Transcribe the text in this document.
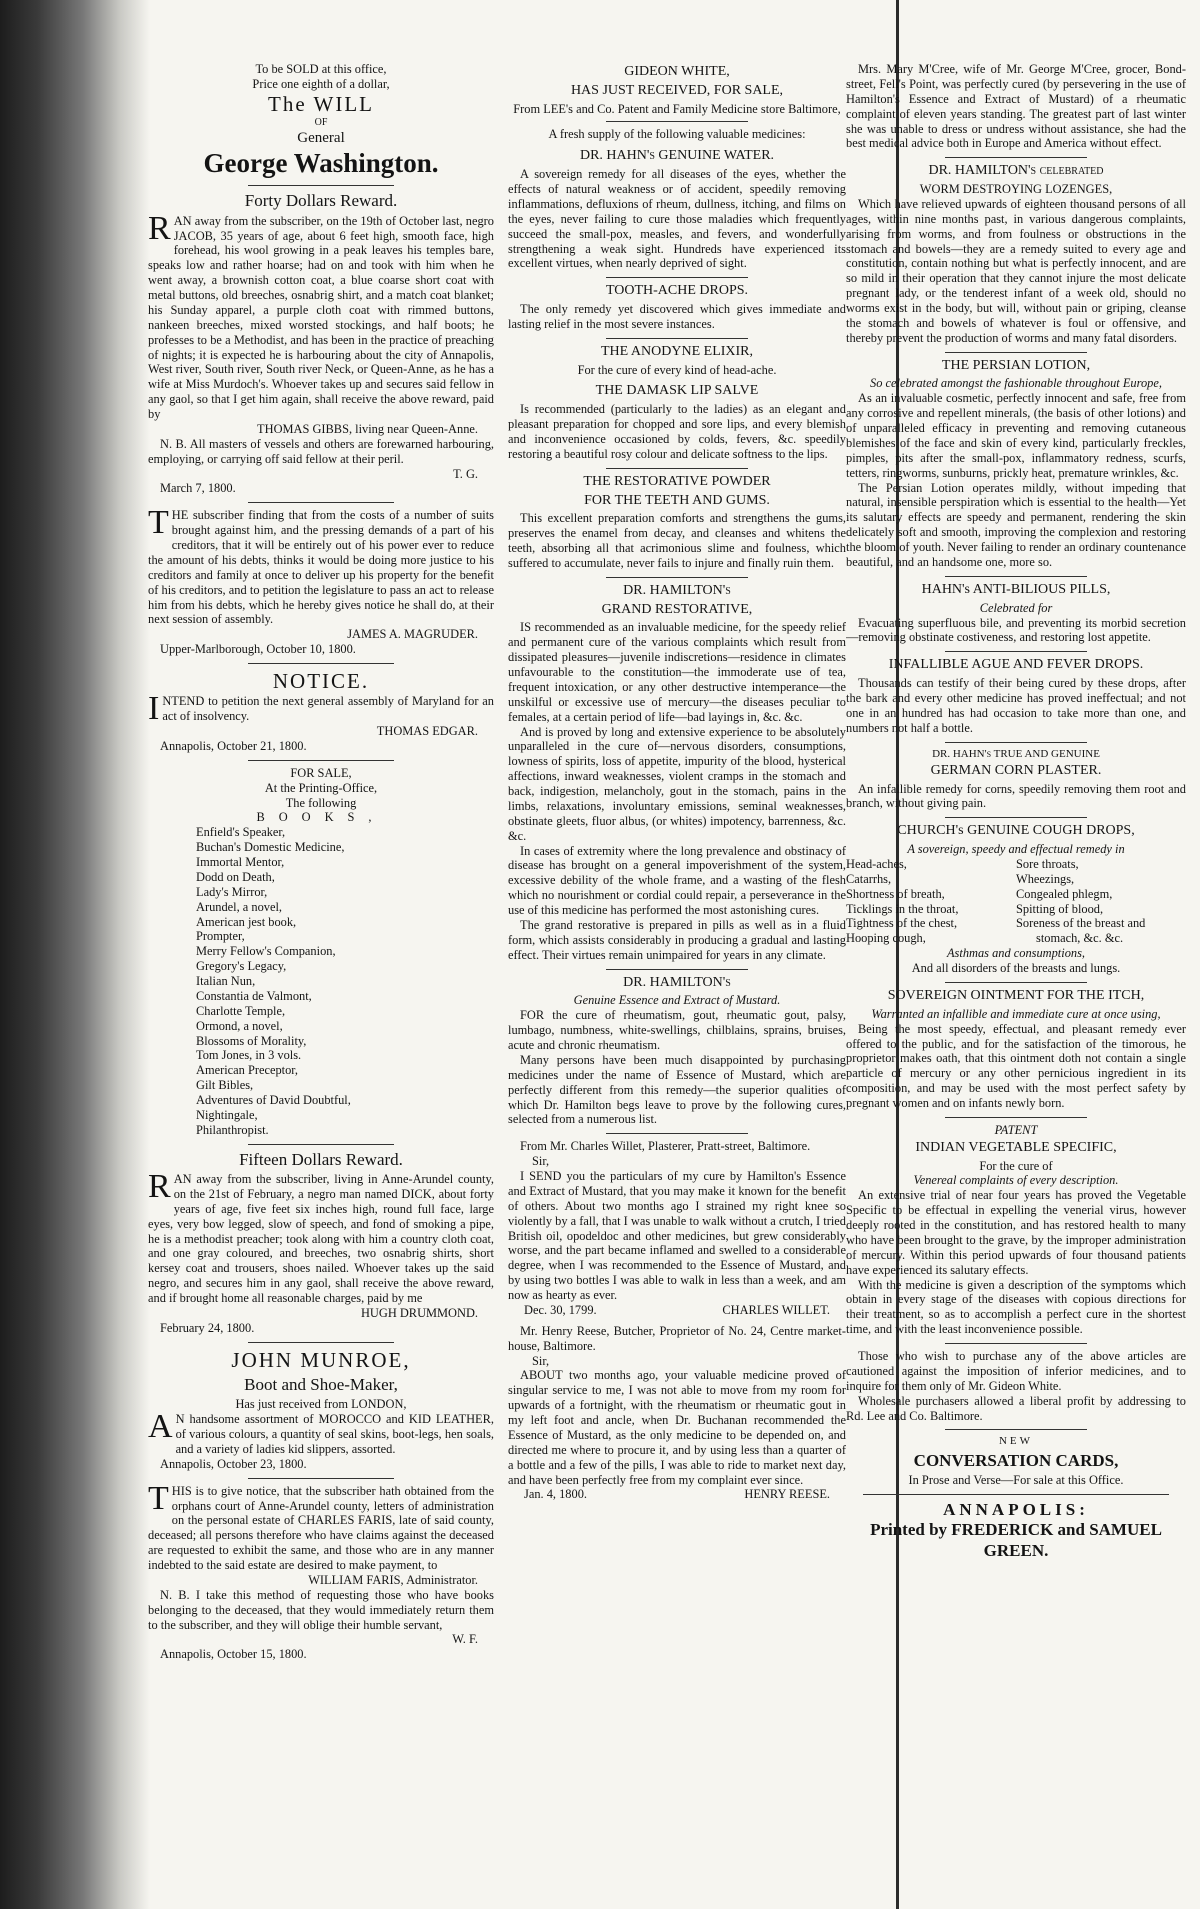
To be SOLD at this office,
Price one eighth of a dollar,
The WILL
OF
General
George Washington.
Forty Dollars Reward.

RAN away from the subscriber, on the 19th of October last, negro JACOB, 35 years of age, about 6 feet high, smooth face, high forehead, his wool growing in a peak leaves his temples bare, speaks low and rather hoarse; had on and took with him when he went away, a brownish cotton coat, a blue coarse short coat with metal buttons, old breeches, osnabrig shirt, and a match coat blanket; his Sunday apparel, a purple cloth coat with rimmed buttons, nankeen breeches, mixed worsted stockings, and half boots; he professes to be a Methodist, and has been in the practice of preaching of nights; it is expected he is harbouring about the city of Annapolis, West river, South river, South river Neck, or Queen-Anne, as he has a wife at Miss Murdoch's. Whoever takes up and secures said fellow in any gaol, so that I get him again, shall receive the above reward, paid by

THOMAS GIBBS, living near Queen-Anne.

N. B. All masters of vessels and others are forewarned harbouring, employing, or carrying off said fellow at their peril.

T. G.
March 7, 1800.

THE subscriber finding that from the costs of a number of suits brought against him, and the pressing demands of a part of his creditors, that it will be entirely out of his power ever to reduce the amount of his debts, thinks it would be doing more justice to his creditors and family at once to deliver up his property for the benefit of his creditors, and to petition the legislature to pass an act to release him from his debts, which he hereby gives notice he shall do, at their next session of assembly.

JAMES A. MAGRUDER.
Upper-Marlborough, October 10, 1800.
NOTICE.

INTEND to petition the next general assembly of Maryland for an act of insolvency.

THOMAS EDGAR.
Annapolis, October 21, 1800.
FOR SALE,
At the Printing-Office,
The following
BOOKS,
Enfield's Speaker,
Buchan's Domestic Medicine,
Immortal Mentor,
Dodd on Death,
Lady's Mirror,
Arundel, a novel,
American jest book,
Prompter,
Merry Fellow's Companion,
Gregory's Legacy,
Italian Nun,
Constantia de Valmont,
Charlotte Temple,
Ormond, a novel,
Blossoms of Morality,
Tom Jones, in 3 vols.
American Preceptor,
Gilt Bibles,
Adventures of David Doubtful,
Nightingale,
Philanthropist.
Fifteen Dollars Reward.

RAN away from the subscriber, living in Anne-Arundel county, on the 21st of February, a negro man named DICK, about forty years of age, five feet six inches high, round full face, large eyes, very bow legged, slow of speech, and fond of smoking a pipe, he is a methodist preacher; took along with him a country cloth coat, and one gray coloured, and breeches, two osnabrig shirts, short kersey coat and trousers, shoes nailed. Whoever takes up the said negro, and secures him in any gaol, shall receive the above reward, and if brought home all reasonable charges, paid by me

HUGH DRUMMOND.
February 24, 1800.
JOHN MUNROE,
Boot and Shoe-Maker,
Has just received from LONDON,

AN handsome assortment of MOROCCO and KID LEATHER, of various colours, a quantity of seal skins, boot-legs, hen soals, and a variety of ladies kid slippers, assorted.

Annapolis, October 23, 1800.

THIS is to give notice, that the subscriber hath obtained from the orphans court of Anne-Arundel county, letters of administration on the personal estate of CHARLES FARIS, late of said county, deceased; all persons therefore who have claims against the deceased are requested to exhibit the same, and those who are in any manner indebted to the said estate are desired to make payment, to

WILLIAM FARIS, Administrator.

N. B. I take this method of requesting those who have books belonging to the deceased, that they would immediately return them to the subscriber, and they will oblige their humble servant,

W. F.
Annapolis, October 15, 1800.
GIDEON WHITE,
HAS JUST RECEIVED, FOR SALE,
From LEE's and Co. Patent and Family Medicine store Baltimore,
A fresh supply of the following valuable medicines:
DR. HAHN's GENUINE WATER.

A sovereign remedy for all diseases of the eyes, whether the effects of natural weakness or of accident, speedily removing inflammations, defluxions of rheum, dullness, itching, and films on the eyes, never failing to cure those maladies which frequently succeed the small-pox, measles, and fevers, and wonderfully strengthening a weak sight. Hundreds have experienced its excellent virtues, when nearly deprived of sight.

TOOTH-ACHE DROPS.

The only remedy yet discovered which gives immediate and lasting relief in the most severe instances.

THE ANODYNE ELIXIR,
For the cure of every kind of head-ache.
THE DAMASK LIP SALVE

Is recommended (particularly to the ladies) as an elegant and pleasant preparation for chopped and sore lips, and every blemish and inconvenience occasioned by colds, fevers, &c. speedily restoring a beautiful rosy colour and delicate softness to the lips.

THE RESTORATIVE POWDER
FOR THE TEETH AND GUMS.

This excellent preparation comforts and strengthens the gums, preserves the enamel from decay, and cleanses and whitens the teeth, absorbing all that acrimonious slime and foulness, which suffered to accumulate, never fails to injure and finally ruin them.

DR. HAMILTON's
GRAND RESTORATIVE,

IS recommended as an invaluable medicine, for the speedy relief and permanent cure of the various complaints which result from dissipated pleasures—juvenile indiscretions—residence in climates unfavourable to the constitution—the immoderate use of tea, frequent intoxication, or any other destructive intemperance—the unskilful or excessive use of mercury—the diseases peculiar to females, at a certain period of life—bad layings in, &c. &c.

And is proved by long and extensive experience to be absolutely unparalleled in the cure of—nervous disorders, consumptions, lowness of spirits, loss of appetite, impurity of the blood, hysterical affections, inward weaknesses, violent cramps in the stomach and back, indigestion, melancholy, gout in the stomach, pains in the limbs, relaxations, involuntary emissions, seminal weaknesses, obstinate gleets, fluor albus, (or whites) impotency, barrenness, &c. &c.

In cases of extremity where the long prevalence and obstinacy of disease has brought on a general impoverishment of the system, excessive debility of the whole frame, and a wasting of the flesh which no nourishment or cordial could repair, a perseverance in the use of this medicine has performed the most astonishing cures.

The grand restorative is prepared in pills as well as in a fluid form, which assists considerably in producing a gradual and lasting effect. Their virtues remain unimpaired for years in any climate.

DR. HAMILTON's
Genuine Essence and Extract of Mustard.

FOR the cure of rheumatism, gout, rheumatic gout, palsy, lumbago, numbness, white-swellings, chilblains, sprains, bruises, acute and chronic rheumatism.

Many persons have been much disappointed by purchasing medicines under the name of Essence of Mustard, which are perfectly different from this remedy—the superior qualities of which Dr. Hamilton begs leave to prove by the following cures, selected from a numerous list.

From Mr. Charles Willet, Plasterer, Pratt-street, Baltimore.

Sir,

I SEND you the particulars of my cure by Hamilton's Essence and Extract of Mustard, that you may make it known for the benefit of others. About two months ago I strained my right knee so violently by a fall, that I was unable to walk without a crutch, I tried British oil, opodeldoc and other medicines, but grew considerably worse, and the part became inflamed and swelled to a considerable degree, when I was recommended to the Essence of Mustard, and by using two bottles I was able to walk in less than a week, and am now as hearty as ever.

Dec. 30, 1799.	CHARLES WILLET.

Mr. Henry Reese, Butcher, Proprietor of No. 24, Centre market-house, Baltimore.

Sir,

ABOUT two months ago, your valuable medicine proved of singular service to me, I was not able to move from my room for upwards of a fortnight, with the rheumatism or rheumatic gout in my left foot and ancle, when Dr. Buchanan recommended the Essence of Mustard, as the only medicine to be depended on, and directed me where to procure it, and by using less than a quarter of a bottle and a few of the pills, I was able to ride to market next day, and have been perfectly free from my complaint ever since.

Jan. 4, 1800.	HENRY REESE.

Mrs. Mary M'Cree, wife of Mr. George M'Cree, grocer, Bond-street, Fell's Point, was perfectly cured (by persevering in the use of Hamilton's Essence and Extract of Mustard) of a rheumatic complaint of eleven years standing. The greatest part of last winter she was unable to dress or undress without assistance, she had the best medical advice both in Europe and America without effect.

DR. HAMILTON's celebrated
WORM DESTROYING LOZENGES,

Which have relieved upwards of eighteen thousand persons of all ages, within nine months past, in various dangerous complaints, arising from worms, and from foulness or obstructions in the stomach and bowels—they are a remedy suited to every age and constitution, contain nothing but what is perfectly innocent, and are so mild in their operation that they cannot injure the most delicate pregnant lady, or the tenderest infant of a week old, should no worms exist in the body, but will, without pain or griping, cleanse the stomach and bowels of whatever is foul or offensive, and thereby prevent the production of worms and many fatal disorders.

THE PERSIAN LOTION,
So celebrated amongst the fashionable throughout Europe,

As an invaluable cosmetic, perfectly innocent and safe, free from any corrosive and repellent minerals, (the basis of other lotions) and of unparalleled efficacy in preventing and removing cutaneous blemishes of the face and skin of every kind, particularly freckles, pimples, pits after the small-pox, inflammatory redness, scurfs, tetters, ringworms, sunburns, prickly heat, premature wrinkles, &c.

The Persian Lotion operates mildly, without impeding that natural, insensible perspiration which is essential to the health—Yet its salutary effects are speedy and permanent, rendering the skin delicately soft and smooth, improving the complexion and restoring the bloom of youth. Never failing to render an ordinary countenance beautiful, and an handsome one, more so.

HAHN's ANTI-BILIOUS PILLS,
Celebrated for

Evacuating superfluous bile, and preventing its morbid secretion—removing obstinate costiveness, and restoring lost appetite.

INFALLIBLE AGUE AND FEVER DROPS.

Thousands can testify of their being cured by these drops, after the bark and every other medicine has proved ineffectual; and not one in an hundred has had occasion to take more than one, and numbers not half a bottle.

DR. HAHN's TRUE AND GENUINE
GERMAN CORN PLASTER.

An infallible remedy for corns, speedily removing them root and branch, without giving pain.

CHURCH's GENUINE COUGH DROPS,
A sovereign, speedy and effectual remedy in
Head-aches,
Catarrhs,
Shortness of breath,
Ticklings in the throat,
Tightness of the chest,
Hooping cough,
Sore throats,
Wheezings,
Congealed phlegm,
Spitting of blood,
Soreness of the breast and
stomach, &c. &c.
Asthmas and consumptions,
And all disorders of the breasts and lungs.
SOVEREIGN OINTMENT FOR THE ITCH,
Warranted an infallible and immediate cure at once using,

Being the most speedy, effectual, and pleasant remedy ever offered to the public, and for the satisfaction of the timorous, he proprietor makes oath, that this ointment doth not contain a single particle of mercury or any other pernicious ingredient in its composition, and may be used with the most perfect safety by pregnant women and on infants newly born.

PATENT
INDIAN VEGETABLE SPECIFIC,
For the cure of
Venereal complaints of every description.

An extensive trial of near four years has proved the Vegetable Specific to be effectual in expelling the venerial virus, however deeply rooted in the constitution, and has restored health to many who have been brought to the grave, by the improper administration of mercury. Within this period upwards of four thousand patients have experienced its salutary effects.

With the medicine is given a description of the symptoms which obtain in every stage of the diseases with copious directions for their treatment, so as to accomplish a perfect cure in the shortest time, and with the least inconvenience possible.

Those who wish to purchase any of the above articles are cautioned against the imposition of inferior medicines, and to inquire for them only of Mr. Gideon White.

Wholesale purchasers allowed a liberal profit by addressing to Rd. Lee and Co. Baltimore.

NEW
CONVERSATION CARDS,
In Prose and Verse—For sale at this Office.
ANNAPOLIS:
Printed by FREDERICK and SAMUEL
GREEN.
